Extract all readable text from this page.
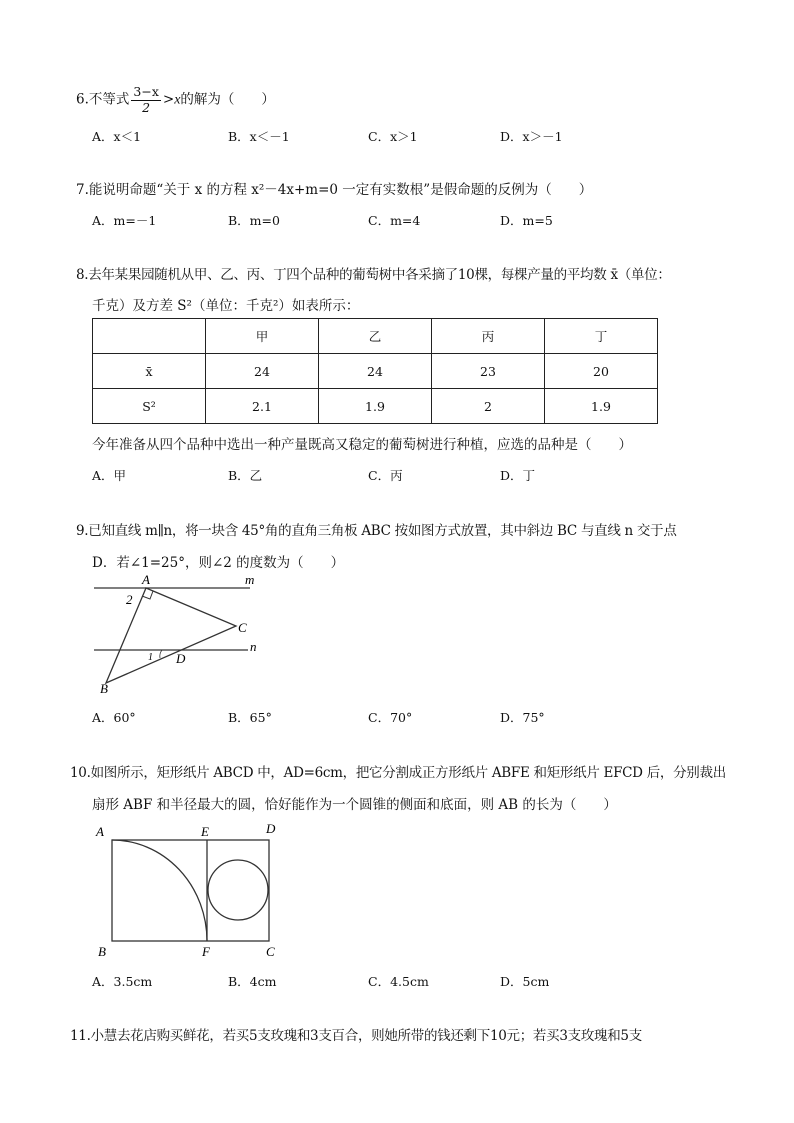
6.不等式 $\frac{3-x}{2} >x$的解为（　　）
A．x＜1	B．x＜－1	C．x＞1	D．x＞－1
7.能说明命题“关于 x 的方程 x²－4x+m=0 一定有实数根”是假命题的反例为（　　）
A．m=－1	B．m=0	C．m=4	D．m=5
8.去年某果园随机从甲、乙、丙、丁四个品种的葡萄树中各采摘了10棵，每棵产量的平均数 x̄（单位：
千克）及方差 S²（单位：千克²）如表所示：
	甲	乙	丙	丁
x̄	24	24	23	20
S²	2.1	1.9	2	1.9
今年准备从四个品种中选出一种产量既高又稳定的葡萄树进行种植，应选的品种是（　　）
A．甲	B．乙	C．丙	D．丁
9.已知直线 m∥n，将一块含 45°角的直角三角板 ABC 按如图方式放置，其中斜边 BC 与直线 n 交于点
D．若∠1=25°，则∠2 的度数为（　　）
A
2
m
C
n
1 D
B
A．60°	B．65°	C．70°	D．75°
10.如图所示，矩形纸片 ABCD 中，AD=6cm，把它分割成正方形纸片 ABFE 和矩形纸片 EFCD 后，分别裁出
扇形 ABF 和半径最大的圆，恰好能作为一个圆锥的侧面和底面，则 AB 的长为（　　）
A	E	D
B	F	C
A．3.5cm	B．4cm	C．4.5cm	D．5cm
11.小慧去花店购买鲜花，若买5支玫瑰和3支百合，则她所带的钱还剩下10元；若买3支玫瑰和5支
